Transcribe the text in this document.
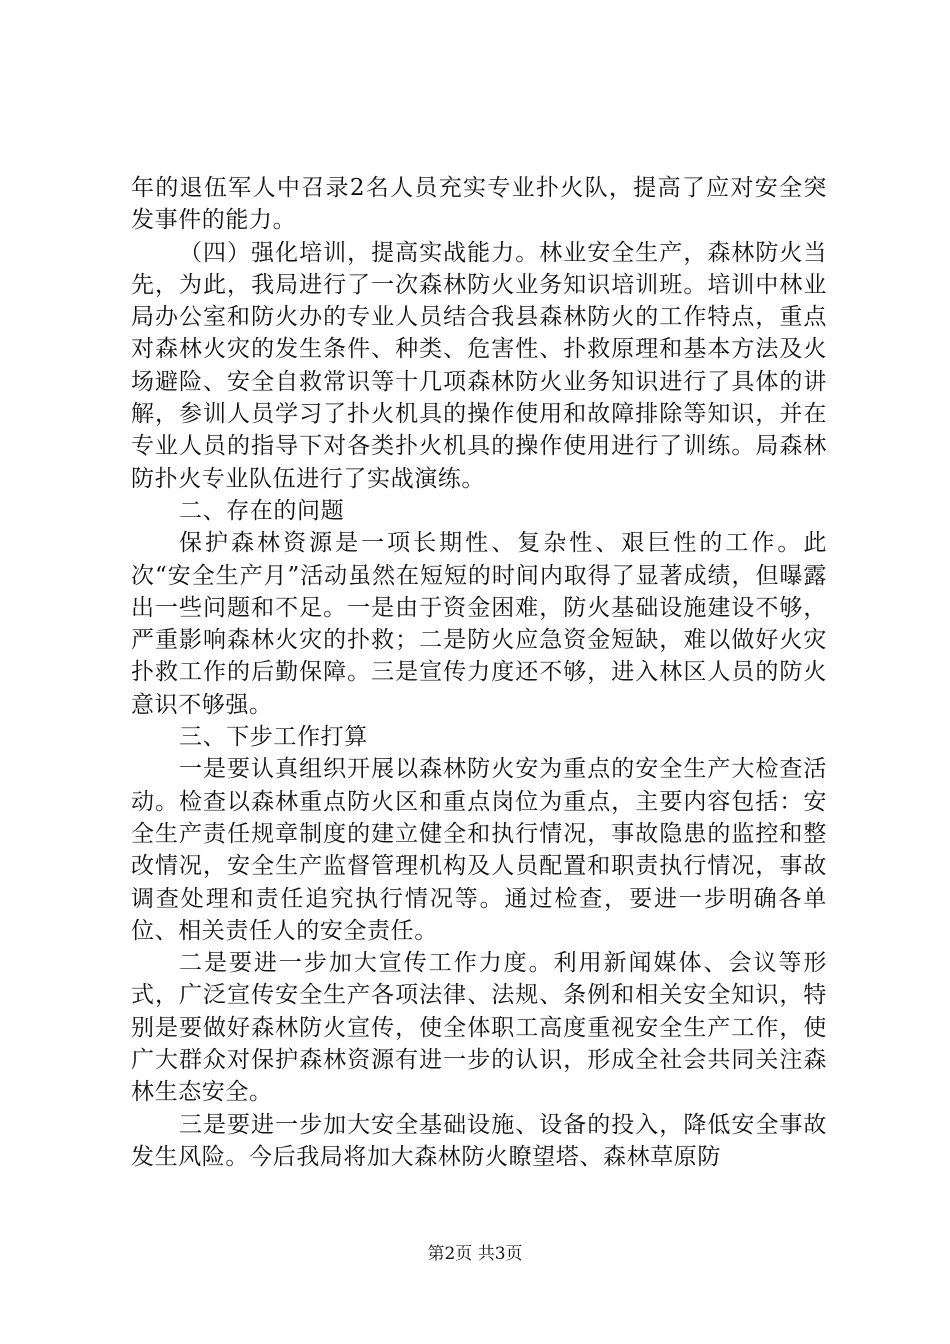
年的退伍军人中召录2名人员充实专业扑火队，提高了应对安全突发事件的能力。

（四）强化培训，提高实战能力。林业安全生产，森林防火当先，为此，我局进行了一次森林防火业务知识培训班。培训中林业局办公室和防火办的专业人员结合我县森林防火的工作特点，重点对森林火灾的发生条件、种类、危害性、扑救原理和基本方法及火场避险、安全自救常识等十几项森林防火业务知识进行了具体的讲解，参训人员学习了扑火机具的操作使用和故障排除等知识，并在专业人员的指导下对各类扑火机具的操作使用进行了训练。局森林防扑火专业队伍进行了实战演练。

二、存在的问题

保护森林资源是一项长期性、复杂性、艰巨性的工作。此次“安全生产月”活动虽然在短短的时间内取得了显著成绩，但曝露出一些问题和不足。一是由于资金困难，防火基础设施建设不够，严重影响森林火灾的扑救；二是防火应急资金短缺，难以做好火灾扑救工作的后勤保障。三是宣传力度还不够，进入林区人员的防火意识不够强。

三、下步工作打算

一是要认真组织开展以森林防火安为重点的安全生产大检查活动。检查以森林重点防火区和重点岗位为重点，主要内容包括：安全生产责任规章制度的建立健全和执行情况，事故隐患的监控和整改情况，安全生产监督管理机构及人员配置和职责执行情况，事故调查处理和责任追究执行情况等。通过检查，要进一步明确各单位、相关责任人的安全责任。

二是要进一步加大宣传工作力度。利用新闻媒体、会议等形式，广泛宣传安全生产各项法律、法规、条例和相关安全知识，特别是要做好森林防火宣传，使全体职工高度重视安全生产工作，使广大群众对保护森林资源有进一步的认识，形成全社会共同关注森林生态安全。

三是要进一步加大安全基础设施、设备的投入，降低安全事故发生风险。今后我局将加大森林防火瞭望塔、森林草原防

第2页 共3页
